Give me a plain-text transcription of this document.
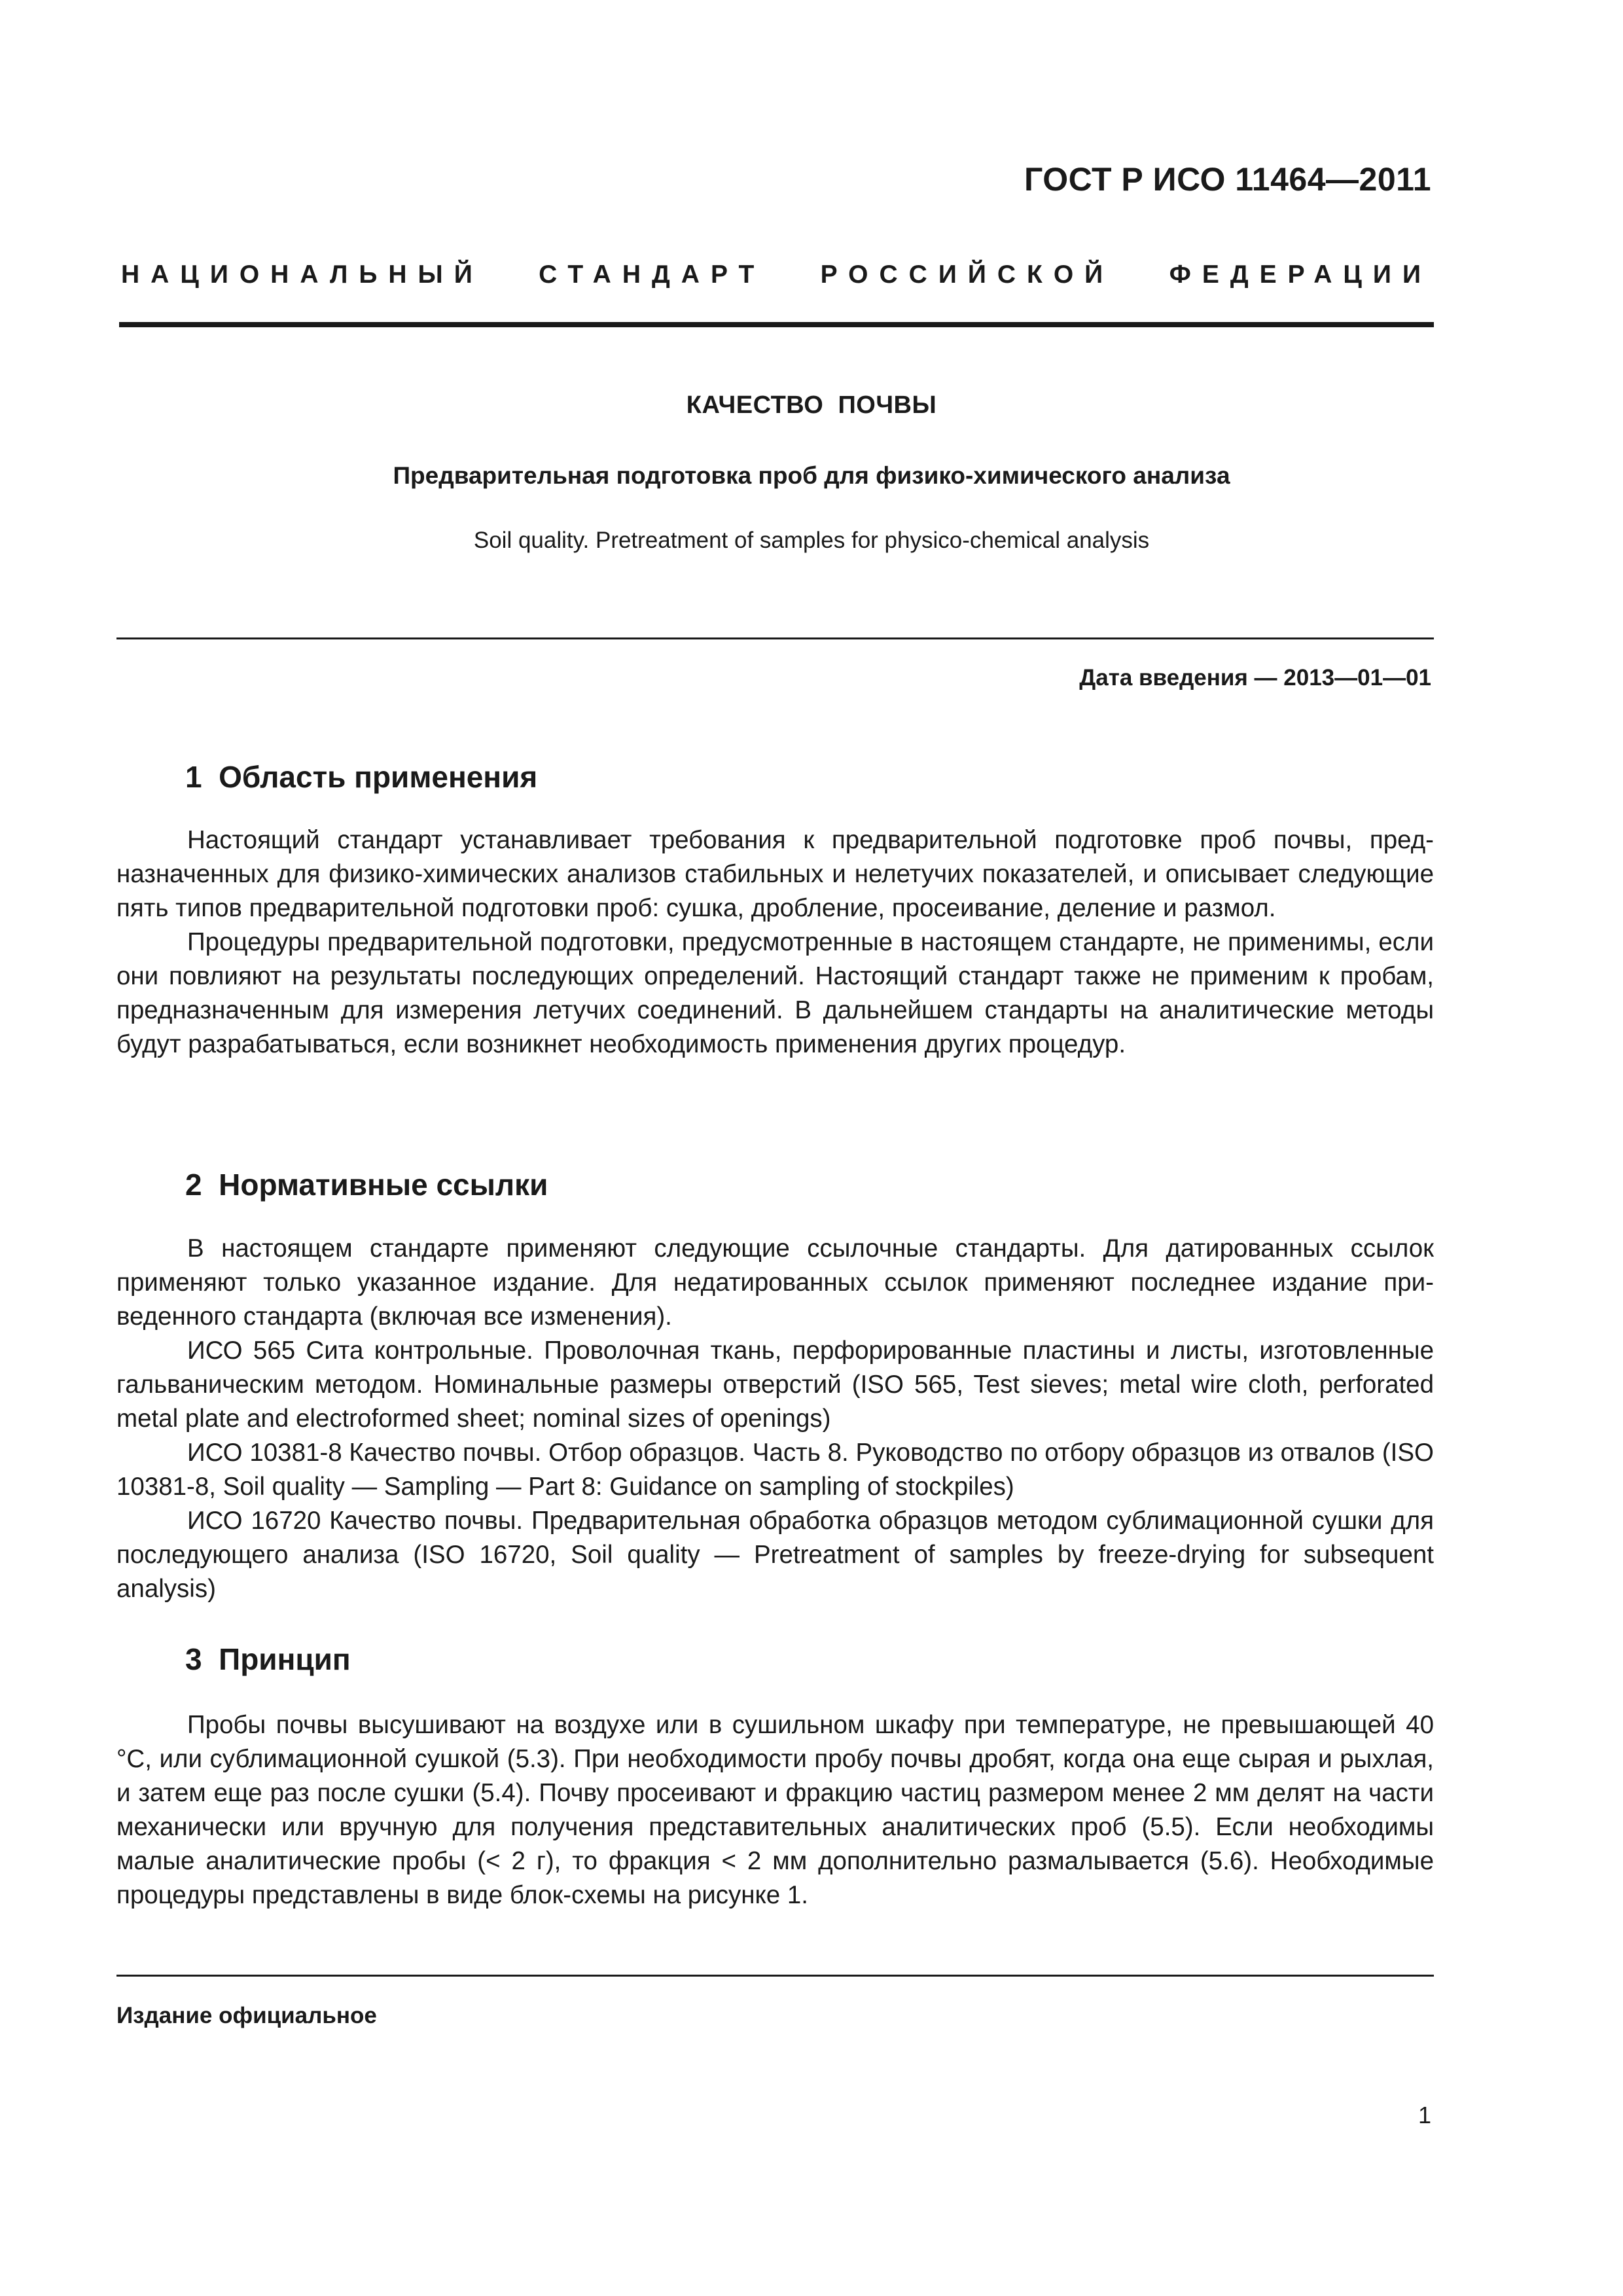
ГОСТ Р ИСО 11464—2011
НАЦИОНАЛЬНЫЙ СТАНДАРТ РОССИЙСКОЙ ФЕДЕРАЦИИ
КАЧЕСТВО  ПОЧВЫ
Предварительная подготовка проб для физико-химического анализа
Soil quality. Pretreatment of samples for physico-chemical analysis
Дата введения — 2013—01—01
1  Область применения

Настоящий стандарт устанавливает требования к предварительной подготовке проб почвы, предназначенных для физико-химических анализов стабильных и нелетучих показателей, и описывает следующие пять типов предварительной подготовки проб: сушка, дробление, просеивание, деление и размол.

Процедуры предварительной подготовки, предусмотренные в настоящем стандарте, не применимы, если они повлияют на результаты последующих определений. Настоящий стандарт также не применим к пробам, предназначенным для измерения летучих соединений. В дальнейшем стандарты на аналитические методы будут разрабатываться, если возникнет необходимость применения других процедур.

2  Нормативные ссылки

В настоящем стандарте применяют следующие ссылочные стандарты. Для датированных ссылок применяют только указанное издание. Для недатированных ссылок применяют последнее издание приведенного стандарта (включая все изменения).

ИСО 565 Сита контрольные. Проволочная ткань, перфорированные пластины и листы, изготовленные гальваническим методом. Номинальные размеры отверстий (ISO 565, Test sieves; metal wire cloth, perforated metal plate and electroformed sheet; nominal sizes of openings)

ИСО 10381-8 Качество почвы. Отбор образцов. Часть 8. Руководство по отбору образцов из отвалов (ISO 10381-8, Soil quality — Sampling — Part 8: Guidance on sampling of stockpiles)

ИСО 16720 Качество почвы. Предварительная обработка образцов методом сублимационной сушки для последующего анализа (ISO 16720, Soil quality — Pretreatment of samples by freeze-drying for subsequent analysis)

3  Принцип

Пробы почвы высушивают на воздухе или в сушильном шкафу при температуре, не превышающей 40 °С, или сублимационной сушкой (5.3). При необходимости пробу почвы дробят, когда она еще сырая и рыхлая, и затем еще раз после сушки (5.4). Почву просеивают и фракцию частиц размером менее 2 мм делят на части механически или вручную для получения представительных аналитических проб (5.5). Если необходимы малые аналитические пробы (< 2 г), то фракция < 2 мм дополнительно размалывается (5.6). Необходимые процедуры представлены в виде блок-схемы на рисунке 1.

Издание официальное
1
